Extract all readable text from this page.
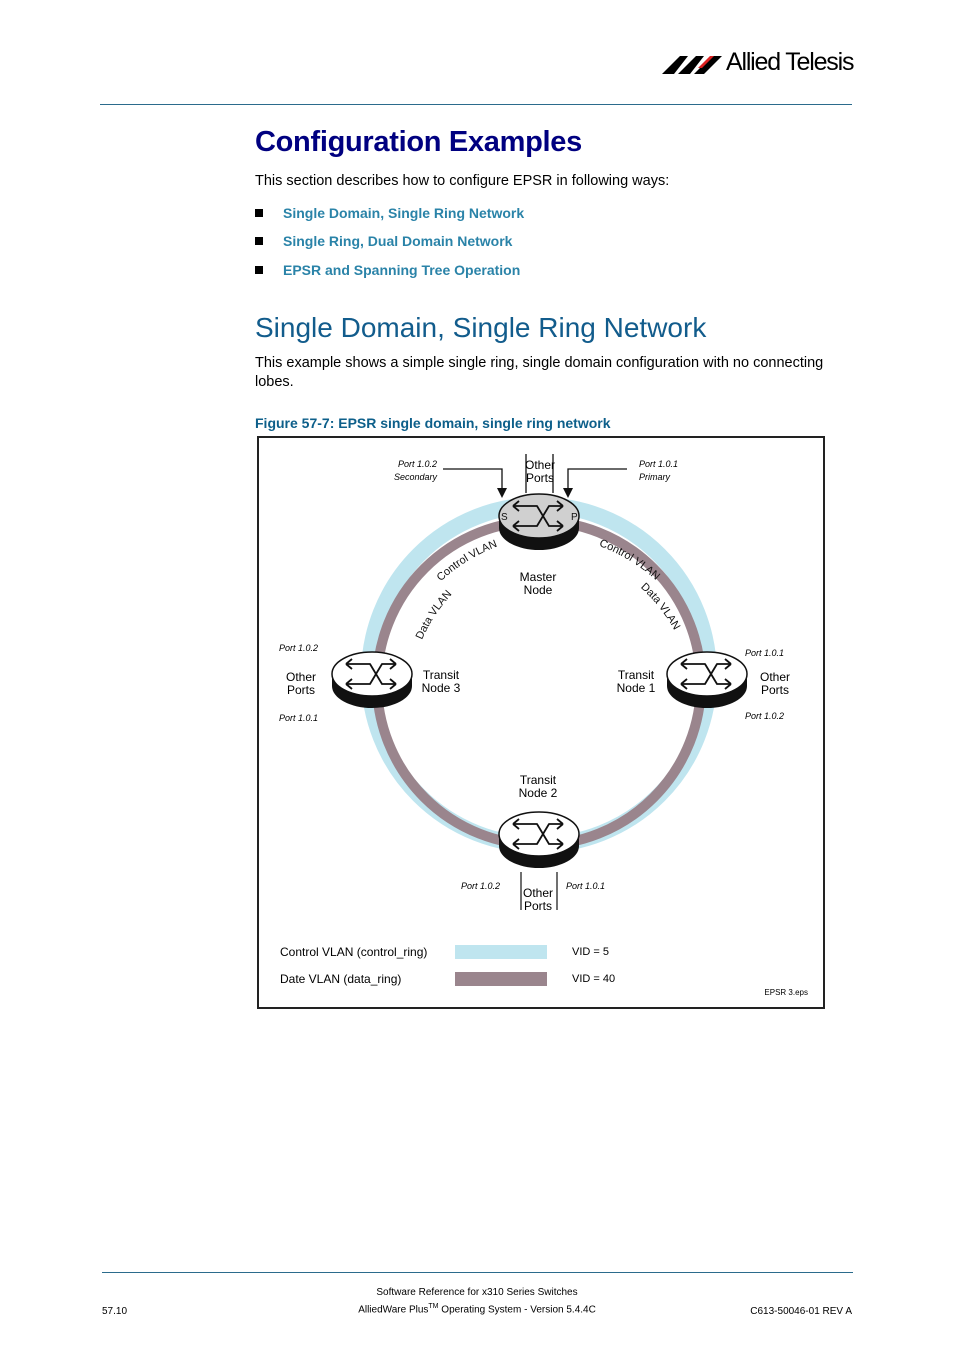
Allied Telesis
Configuration Examples
This section describes how to configure EPSR in following ways:
Single Domain, Single Ring Network
Single Ring, Dual Domain Network
EPSR and Spanning Tree Operation
Single Domain, Single Ring Network
This example shows a simple single ring, single domain configuration with no connecting lobes.
Figure 57-7: EPSR single domain, single ring network
Control VLAN
Data VLAN
Control VLAN
Data VLAN
S	P
Port 1.0.2
Secondary
Port 1.0.1
Primary
Other Ports
Master Node
Port 1.0.2
Port 1.0.1
Other Ports
Transit Node 3
Port 1.0.1
Port 1.0.2
Other Ports
Transit Node 1
Transit Node 2
Port 1.0.2	Port 1.0.1
Other Ports
Control VLAN (control_ring)	VID = 5
Date VLAN (data_ring)	VID = 40
EPSR 3.eps
Software Reference for x310 Series Switches
AlliedWare Plus™ Operating System - Version 5.4.4C
57.10	C613-50046-01 REV A
